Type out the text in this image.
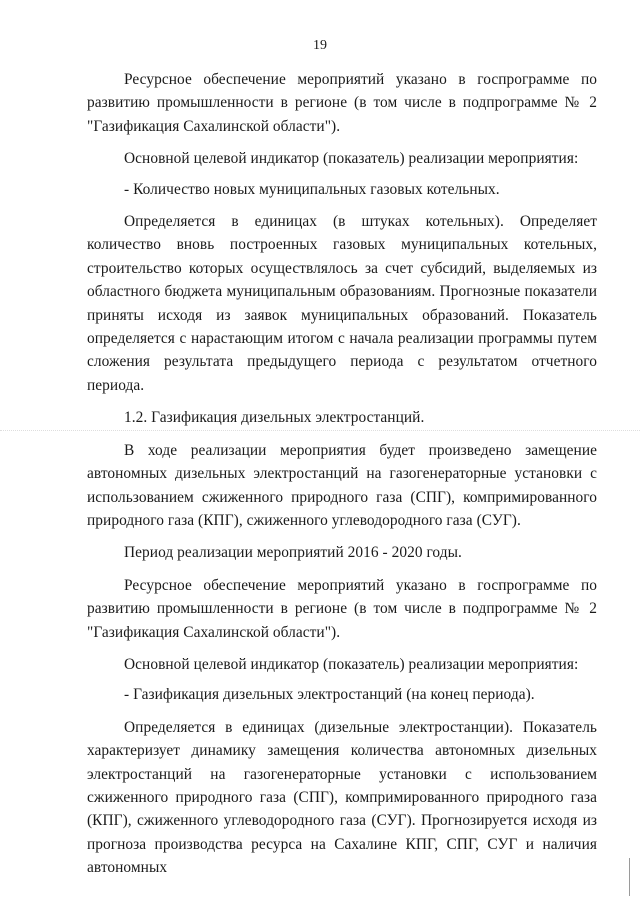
19

Ресурсное обеспечение мероприятий указано в госпрограмме по развитию промышленности в регионе (в том числе в подпрограмме № 2 "Газификация Сахалинской области").

Основной целевой индикатор (показатель) реализации мероприятия:

- Количество новых муниципальных газовых котельных.

Определяется в единицах (в штуках котельных). Определяет количество вновь построенных газовых муниципальных котельных, строительство которых осуществлялось за счет субсидий, выделяемых из областного бюджета муниципальным образованиям. Прогнозные показатели приняты исходя из заявок муниципальных образований. Показатель определяется с нарастающим итогом с начала реализации программы путем сложения результата предыдущего периода с результатом отчетного периода.

1.2. Газификация дизельных электростанций.

В ходе реализации мероприятия будет произведено замещение автономных дизельных электростанций на газогенераторные установки с использованием сжиженного природного газа (СПГ), компримированного природного газа (КПГ), сжиженного углеводородного газа (СУГ).

Период реализации мероприятий 2016 - 2020 годы.

Ресурсное обеспечение мероприятий указано в госпрограмме по развитию промышленности в регионе (в том числе в подпрограмме № 2 "Газификация Сахалинской области").

Основной целевой индикатор (показатель) реализации мероприятия:

- Газификация дизельных электростанций (на конец периода).

Определяется в единицах (дизельные электростанции). Показатель характеризует динамику замещения количества автономных дизельных электростанций на газогенераторные установки с использованием сжиженного природного газа (СПГ), компримированного природного газа (КПГ), сжиженного углеводородного газа (СУГ). Прогнозируется исходя из прогноза производства ресурса на Сахалине КПГ, СПГ, СУГ и наличия автономных
